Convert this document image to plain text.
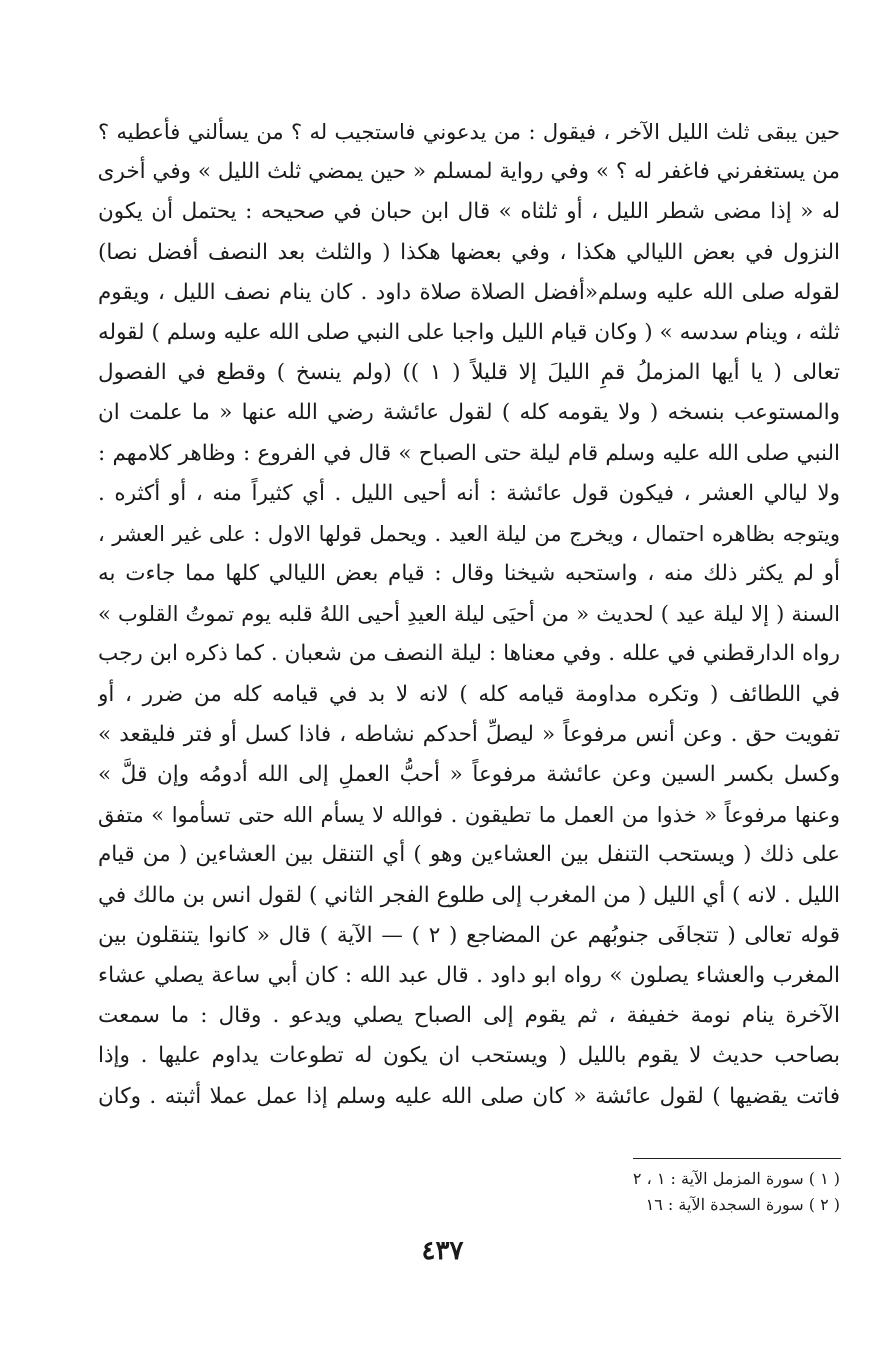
حين يبقى ثلث الليل الآخر ، فيقول : من يدعوني فاستجيب له ؟ من يسألني فأعطيه ؟
من يستغفرني فاغفر له ؟ » وفي رواية لمسلم « حين يمضي ثلث الليل » وفي أخرى
له « إذا مضى شطر الليل ، أو ثلثاه » قال ابن حبان في صحيحه : يحتمل أن يكون
النزول في بعض الليالي هكذا ، وفي بعضها هكذا ( والثلث بعد النصف أفضل نصا)
لقوله صلى الله عليه وسلم«أفضل الصلاة صلاة داود . كان ينام نصف الليل ، ويقوم
ثلثه ، وينام سدسه » ( وكان قيام الليل واجبا على النبي صلى الله عليه وسلم ) لقوله
تعالى ( يا أيها المزملُ قمِ الليلَ إلا قليلاً ( ١ )) (ولم ينسخ ) وقطع في الفصول
والمستوعب بنسخه ( ولا يقومه كله ) لقول عائشة رضي الله عنها « ما علمت ان
النبي صلى الله عليه وسلم قام ليلة حتى الصباح » قال في الفروع : وظاهر كلامهم :
ولا ليالي العشر ، فيكون قول عائشة : أنه أحيى الليل . أي كثيراً منه ، أو أكثره .
ويتوجه بظاهره احتمال ، ويخرج من ليلة العيد . ويحمل قولها الاول : على غير العشر ،
أو لم يكثر ذلك منه ، واستحبه شيخنا وقال : قيام بعض الليالي كلها مما جاءت به
السنة ( إلا ليلة عيد ) لحديث « من أحيَى ليلة العيدِ أحيى اللهُ قلبه يوم تموتُ القلوب »
رواه الدارقطني في علله . وفي معناها : ليلة النصف من شعبان . كما ذكره ابن رجب
في اللطائف ( وتكره مداومة قيامه كله ) لانه لا بد في قيامه كله من ضرر ، أو
تفويت حق . وعن أنس مرفوعاً « ليصلِّ أحدكم نشاطه ، فاذا كسل أو فتر فليقعد »
وكسل بكسر السين وعن عائشة مرفوعاً « أحبُّ العملِ إلى الله أدومُه وإن قلَّ »
وعنها مرفوعاً « خذوا من العمل ما تطيقون . فوالله لا يسأم الله حتى تسأموا » متفق
على ذلك ( ويستحب التنفل بين العشاءين وهو ) أي التنقل بين العشاءين ( من قيام
الليل . لانه ) أي الليل ( من المغرب إلى طلوع الفجر الثاني ) لقول انس بن مالك في
قوله تعالى ( تتجافَى جنوبُهم عن المضاجع ( ٢ ) — الآية ) قال « كانوا يتنقلون بين
المغرب والعشاء يصلون » رواه ابو داود . قال عبد الله : كان أبي ساعة يصلي عشاء
الآخرة ينام نومة خفيفة ، ثم يقوم إلى الصباح يصلي ويدعو . وقال : ما سمعت
بصاحب حديث لا يقوم بالليل ( ويستحب ان يكون له تطوعات يداوم عليها . وإذا
فاتت يقضيها ) لقول عائشة « كان صلى الله عليه وسلم إذا عمل عملا أثبته . وكان
( ١ ) سورة المزمل الآية : ١ ، ٢
( ٢ ) سورة السجدة الآية : ١٦
٤٣٧
